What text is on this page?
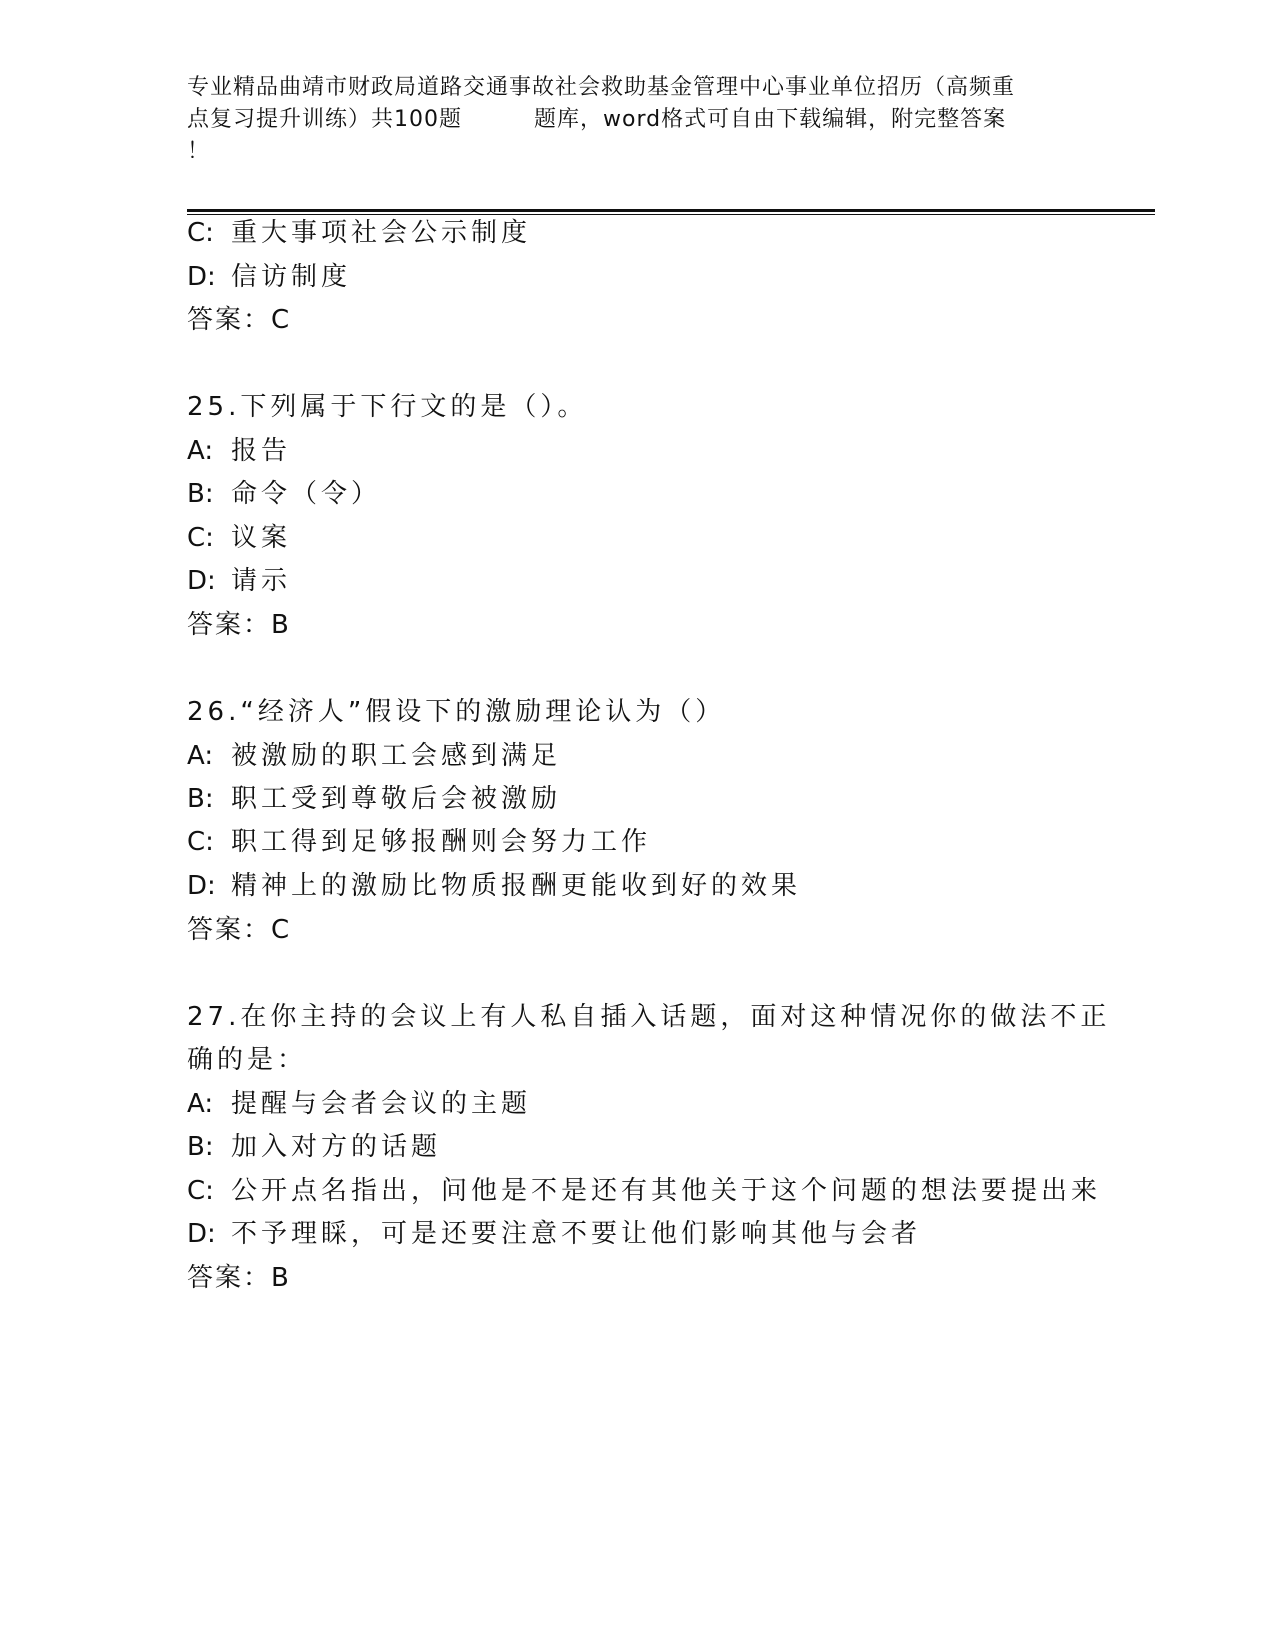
专业精品曲靖市财政局道路交通事故社会救助基金管理中心事业单位招历（高频重
点复习提升训练）共100题	题库，word格式可自由下载编辑，附完整答案
！
C: 重大事项社会公示制度
D: 信访制度
答案：C
25.下列属于下行文的是（）。
A: 报告
B: 命令（令）
C: 议案
D: 请示
答案：B
26.“经济人”假设下的激励理论认为（）
A: 被激励的职工会感到满足
B: 职工受到尊敬后会被激励
C: 职工得到足够报酬则会努力工作
D: 精神上的激励比物质报酬更能收到好的效果
答案：C
27.在你主持的会议上有人私自插入话题，面对这种情况你的做法不正
确的是：
A: 提醒与会者会议的主题
B: 加入对方的话题
C: 公开点名指出，问他是不是还有其他关于这个问题的想法要提出来
D: 不予理睬，可是还要注意不要让他们影响其他与会者
答案：B
